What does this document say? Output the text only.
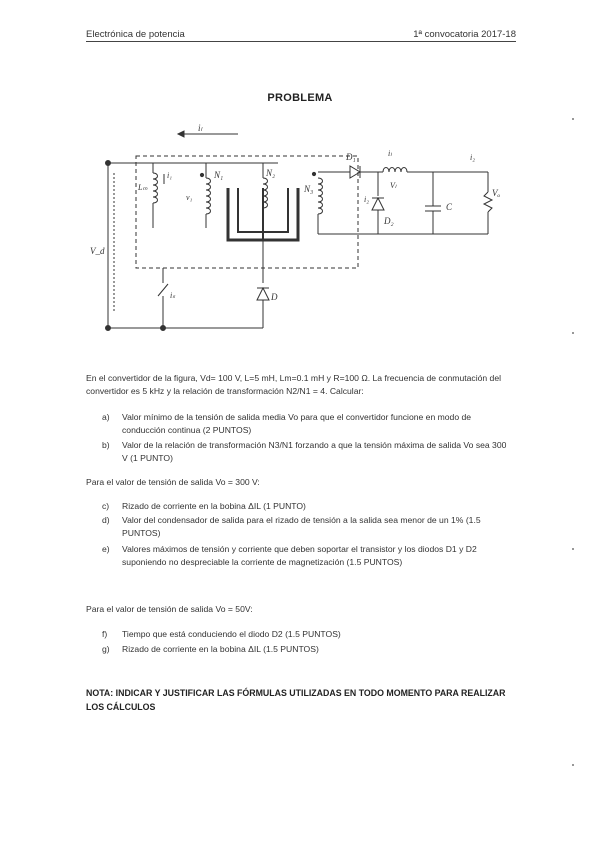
Electrónica de potencia	1ª convocatoria 2017-18
PROBLEMA
iₗ
V_d
Lₘ
i₁	N₁
v₁
N₂
N₃
D₁
D₂
i₂
iₗ
Vₗ
C
Vₒ
i₂
D
iₛ
En el convertidor de la figura, Vd= 100 V, L=5 mH, Lm=0.1 mH y R=100 Ω. La frecuencia de conmutación del convertidor es 5 kHz y la relación de transformación N2/N1 = 4. Calcular:
a)	Valor mínimo de la tensión de salida media Vo para que el convertidor funcione en modo de conducción continua (2 PUNTOS)
b)	Valor de la relación de transformación N3/N1 forzando a que la tensión máxima de salida Vo sea 300 V (1 PUNTO)
Para el valor de tensión de salida Vo = 300 V:
c)	Rizado de corriente en la bobina ΔIL (1 PUNTO)
d)	Valor del condensador de salida para el rizado de tensión a la salida sea menor de un 1% (1.5 PUNTOS)
e)	Valores máximos de tensión y corriente que deben soportar el transistor y los diodos D1 y D2 suponiendo no despreciable la corriente de magnetización (1.5 PUNTOS)
Para el valor de tensión de salida Vo = 50V:
f)	Tiempo que está conduciendo el diodo D2 (1.5 PUNTOS)
g)	Rizado de corriente en la bobina ΔIL (1.5 PUNTOS)
NOTA: INDICAR Y JUSTIFICAR LAS FÓRMULAS UTILIZADAS EN TODO MOMENTO PARA REALIZAR LOS CÁLCULOS
